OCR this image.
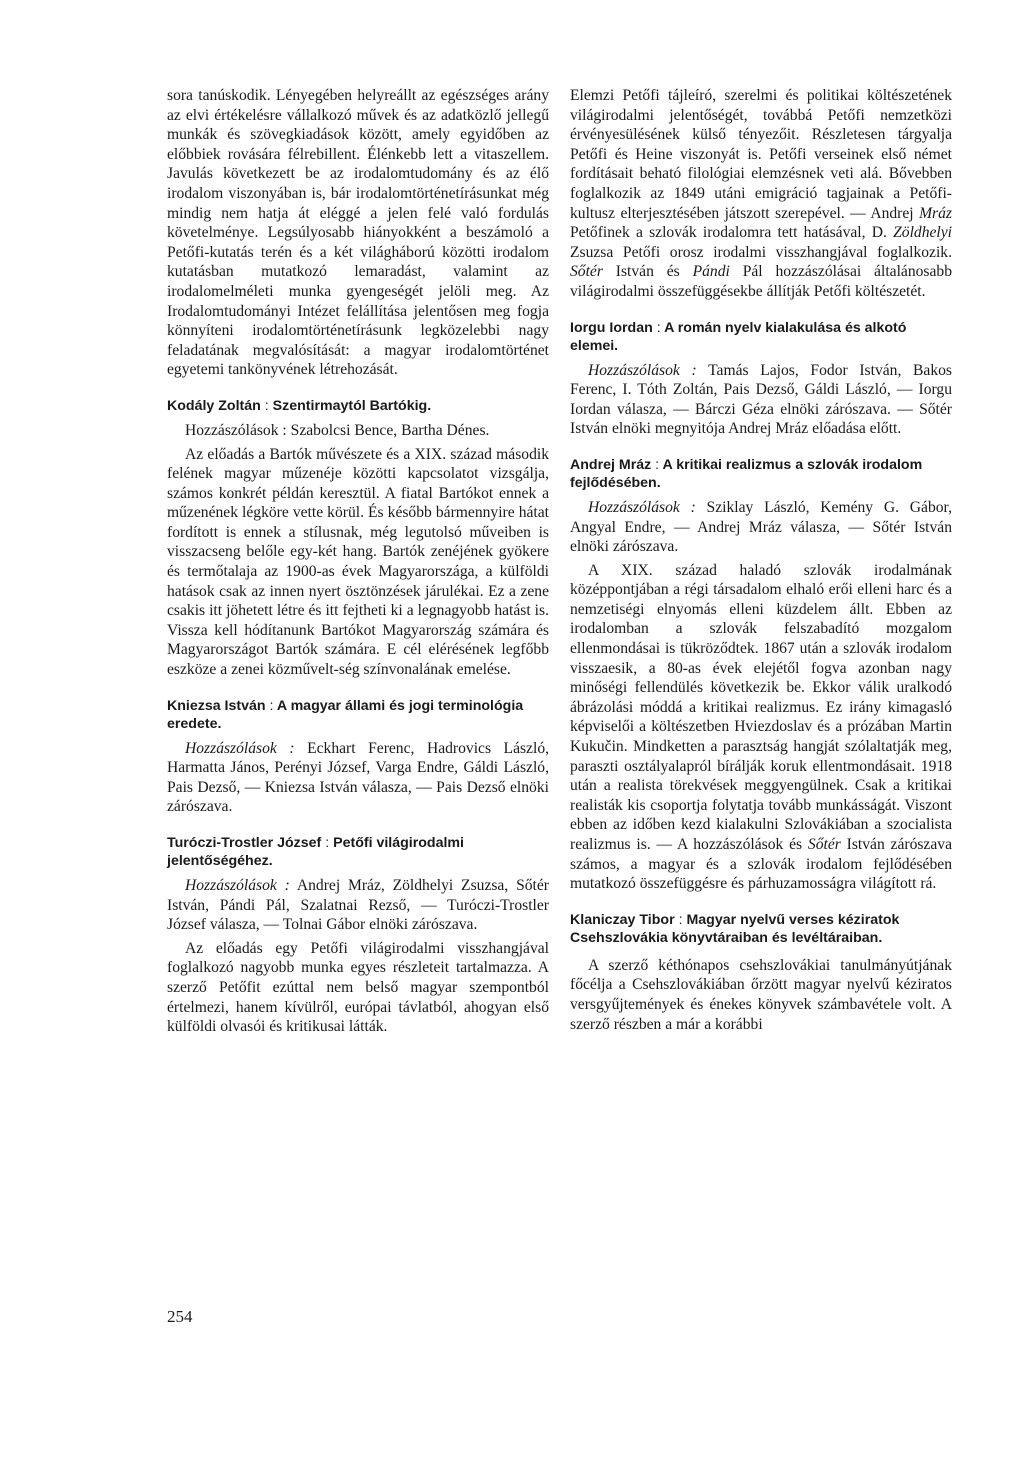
sora tanúskodik. Lényegében helyreállt az egészséges arány az elvi értékelésre vállalkozó művek és az adatközlő jellegű munkák és szövegkiadások között, amely egyidőben az előbbiek rovására félrebillent. Élénkebb lett a vitaszellem. Javulás következett be az irodalomtudomány és az élő irodalom viszonyában is, bár irodalomtörténetírásunkat még mindig nem hatja át eléggé a jelen felé való fordulás követelménye. Legsúlyosabb hiányokként a beszámoló a Petőfi-kutatás terén és a két világháború közötti irodalom kutatásban mutatkozó lemaradást, valamint az irodalomelméleti munka gyengeségét jelöli meg. Az Irodalomtudományi Intézet felállítása jelentősen meg fogja könnyíteni irodalomtörténetírásunk legközelebbi nagy feladatának megvalósítását: a magyar irodalomtörténet egyetemi tankönyvének létrehozását.

Kodály Zoltán : Szentirmaytól Bartókig.

Hozzászólások : Szabolcsi Bence, Bartha Dénes.

Az előadás a Bartók művészete és a XIX. század második felének magyar műzenéje közötti kapcsolatot vizsgálja, számos konkrét példán keresztül. A fiatal Bartókot ennek a műzenének légköre vette körül. És később bármennyire hátat fordított is ennek a stílusnak, még legutolsó műveiben is visszacseng belőle egy-két hang. Bartók zenéjének gyökere és termőtalaja az 1900-as évek Magyarországa, a külföldi hatások csak az innen nyert ösztönzések járulékai. Ez a zene csakis itt jöhetett létre és itt fejtheti ki a legnagyobb hatást is. Vissza kell hódítanunk Bartókot Magyarország számára és Magyarországot Bartók számára. E cél elérésének legfőbb eszköze a zenei közművelt-ség színvonalának emelése.

Kniezsa István : A magyar állami és jogi terminológia eredete.

Hozzászólások : Eckhart Ferenc, Hadrovics László, Harmatta János, Perényi József, Varga Endre, Gáldi László, Pais Dezső, — Kniezsa István válasza, — Pais Dezső elnöki zárószava.

Turóczi-Trostler József : Petőfi világirodalmi jelentőségéhez.

Hozzászólások : Andrej Mráz, Zöldhelyi Zsuzsa, Sőtér István, Pándi Pál, Szalatnai Rezső, — Turóczi-Trostler József válasza, — Tolnai Gábor elnöki zárószava.

Az előadás egy Petőfi világirodalmi visszhangjával foglalkozó nagyobb munka egyes részleteit tartalmazza. A szerző Petőfit ezúttal nem belső magyar szempontból értelmezi, hanem kívülről, európai távlatból, ahogyan első külföldi olvasói és kritikusai látták.

Elemzi Petőfi tájleíró, szerelmi és politikai költészetének világirodalmi jelentőségét, továbbá Petőfi nemzetközi érvényesülésének külső tényezőit. Részletesen tárgyalja Petőfi és Heine viszonyát is. Petőfi verseinek első német fordításait beható filológiai elemzésnek veti alá. Bővebben foglalkozik az 1849 utáni emigráció tagjainak a Petőfi-kultusz elterjesztésében játszott szerepével. — Andrej Mráz Petőfinek a szlovák irodalomra tett hatásával, D. Zöldhelyi Zsuzsa Petőfi orosz irodalmi visszhangjával foglalkozik. Sőtér István és Pándi Pál hozzászólásai általánosabb világirodalmi összefüggésekbe állítják Petőfi költészetét.

Iorgu Iordan : A román nyelv kialakulása és alkotó elemei.

Hozzászólások : Tamás Lajos, Fodor István, Bakos Ferenc, I. Tóth Zoltán, Pais Dezső, Gáldi László, — Iorgu Iordan válasza, — Bárczi Géza elnöki zárószava. — Sőtér István elnöki megnyitója Andrej Mráz előadása előtt.

Andrej Mráz : A kritikai realizmus a szlovák irodalom fejlődésében.

Hozzászólások : Sziklay László, Kemény G. Gábor, Angyal Endre, — Andrej Mráz válasza, — Sőtér István elnöki zárószava.

A XIX. század haladó szlovák irodalmának középpontjában a régi társadalom elhaló erői elleni harc és a nemzetiségi elnyomás elleni küzdelem állt. Ebben az irodalomban a szlovák felszabadító mozgalom ellenmondásai is tükröződtek. 1867 után a szlovák irodalom visszaesik, a 80-as évek elejétől fogva azonban nagy minőségi fellendülés következik be. Ekkor válik uralkodó ábrázolási móddá a kritikai realizmus. Ez irány kimagasló képviselői a költészetben Hviezdoslav és a prózában Martin Kukučin. Mindketten a parasztság hangját szólaltatják meg, paraszti osztályalapról bírálják koruk ellentmondásait. 1918 után a realista törekvések meggyengülnek. Csak a kritikai realisták kis csoportja folytatja tovább munkásságát. Viszont ebben az időben kezd kialakulni Szlovákiában a szocialista realizmus is. — A hozzászólások és Sőtér István zárószava számos, a magyar és a szlovák irodalom fejlődésében mutatkozó összefüggésre és párhuzamosságra világított rá.

Klaniczay Tibor : Magyar nyelvű verses kéziratok Csehszlovákia könyvtáraiban és levéltáraiban.

A szerző kéthónapos csehszlovákiai tanulmányútjának főcélja a Csehszlovákiában őrzött magyar nyelvű kéziratos versgyűjtemények és énekes könyvek számbavétele volt. A szerző részben a már a korábbi

254
